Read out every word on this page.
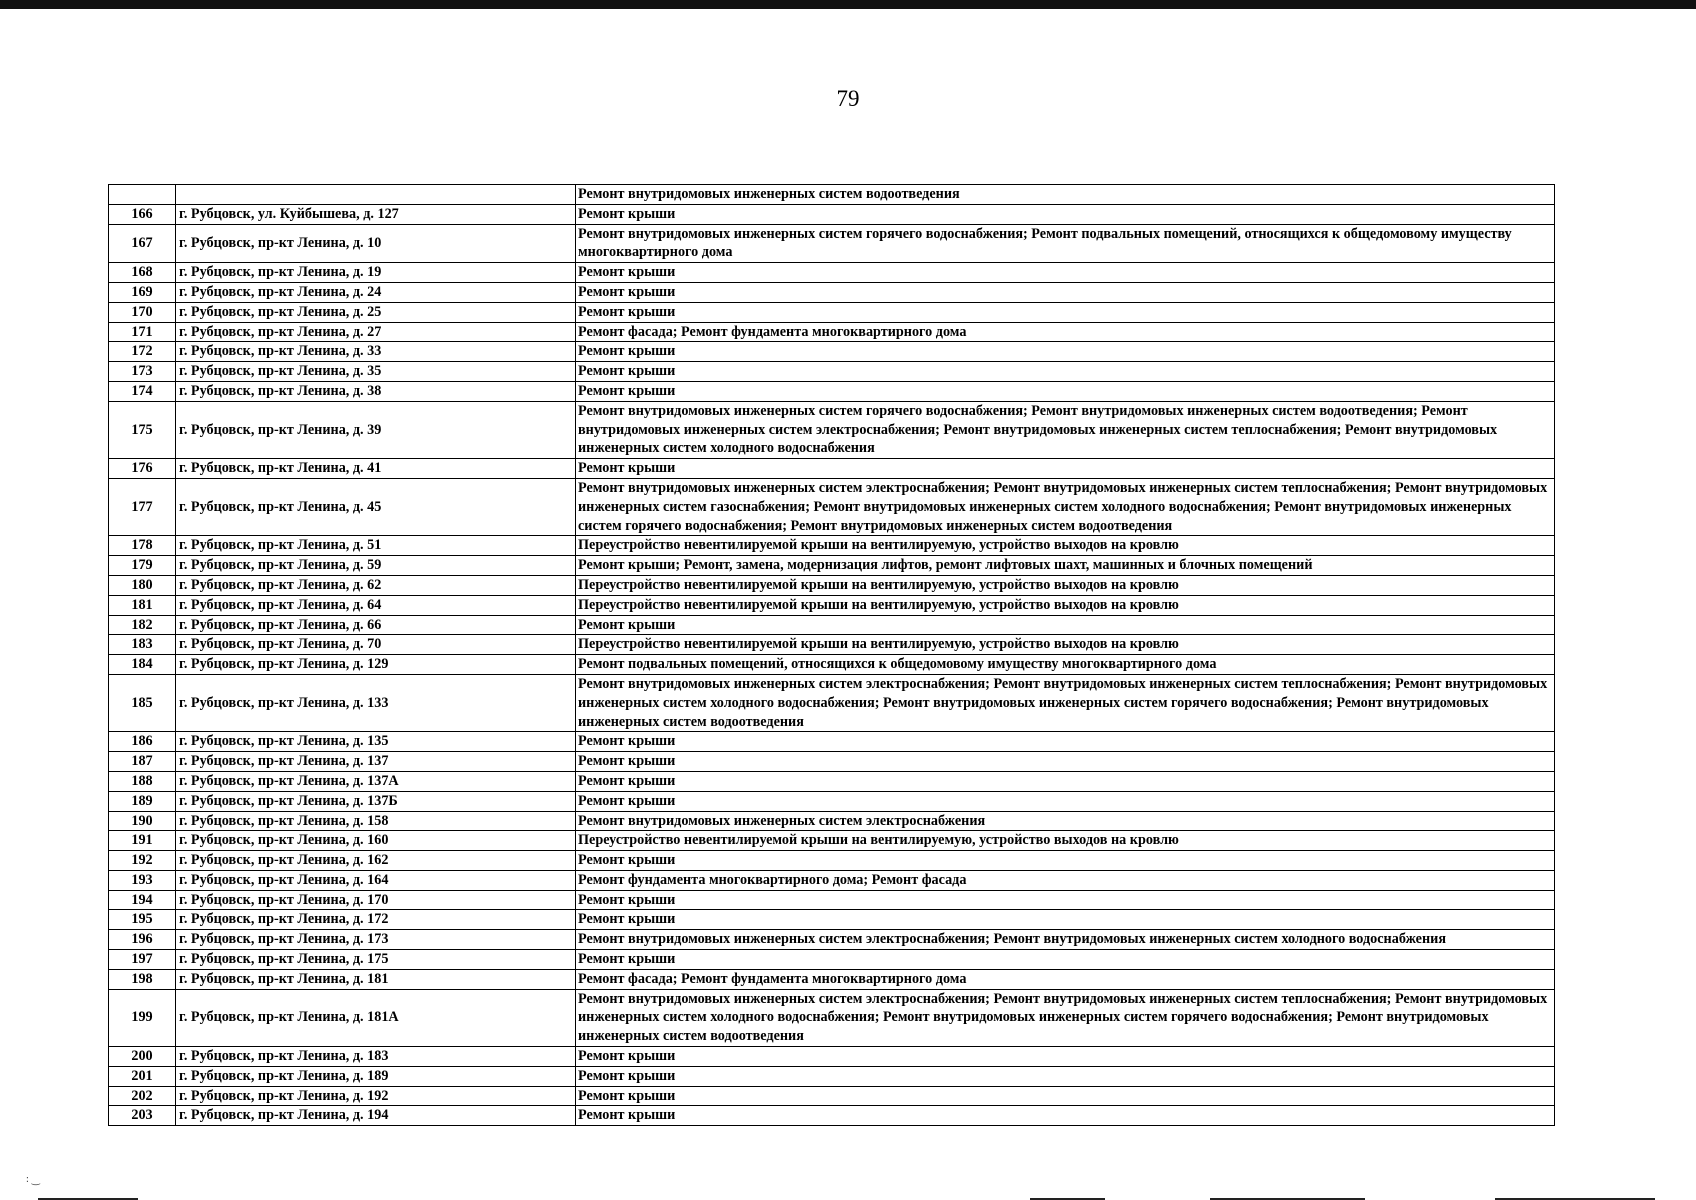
79
		Ремонт внутридомовых инженерных систем водоотведения
166	г. Рубцовск, ул. Куйбышева, д. 127	Ремонт крыши
167	г. Рубцовск, пр-кт Ленина, д. 10	Ремонт внутридомовых инженерных систем горячего водоснабжения; Ремонт подвальных помещений, относящихся к общедомовому имуществу многоквартирного дома
168	г. Рубцовск, пр-кт Ленина, д. 19	Ремонт крыши
169	г. Рубцовск, пр-кт Ленина, д. 24	Ремонт крыши
170	г. Рубцовск, пр-кт Ленина, д. 25	Ремонт крыши
171	г. Рубцовск, пр-кт Ленина, д. 27	Ремонт фасада; Ремонт фундамента многоквартирного дома
172	г. Рубцовск, пр-кт Ленина, д. 33	Ремонт крыши
173	г. Рубцовск, пр-кт Ленина, д. 35	Ремонт крыши
174	г. Рубцовск, пр-кт Ленина, д. 38	Ремонт крыши
175	г. Рубцовск, пр-кт Ленина, д. 39	Ремонт внутридомовых инженерных систем горячего водоснабжения; Ремонт внутридомовых инженерных систем водоотведения; Ремонт внутридомовых инженерных систем электроснабжения; Ремонт внутридомовых инженерных систем теплоснабжения; Ремонт внутридомовых инженерных систем холодного водоснабжения
176	г. Рубцовск, пр-кт Ленина, д. 41	Ремонт крыши
177	г. Рубцовск, пр-кт Ленина, д. 45	Ремонт внутридомовых инженерных систем электроснабжения; Ремонт внутридомовых инженерных систем теплоснабжения; Ремонт внутридомовых инженерных систем газоснабжения; Ремонт внутридомовых инженерных систем холодного водоснабжения; Ремонт внутридомовых инженерных систем горячего водоснабжения; Ремонт внутридомовых инженерных систем водоотведения
178	г. Рубцовск, пр-кт Ленина, д. 51	Переустройство невентилируемой крыши на вентилируемую, устройство выходов на кровлю
179	г. Рубцовск, пр-кт Ленина, д. 59	Ремонт крыши; Ремонт, замена, модернизация лифтов, ремонт лифтовых шахт, машинных и блочных помещений
180	г. Рубцовск, пр-кт Ленина, д. 62	Переустройство невентилируемой крыши на вентилируемую, устройство выходов на кровлю
181	г. Рубцовск, пр-кт Ленина, д. 64	Переустройство невентилируемой крыши на вентилируемую, устройство выходов на кровлю
182	г. Рубцовск, пр-кт Ленина, д. 66	Ремонт крыши
183	г. Рубцовск, пр-кт Ленина, д. 70	Переустройство невентилируемой крыши на вентилируемую, устройство выходов на кровлю
184	г. Рубцовск, пр-кт Ленина, д. 129	Ремонт подвальных помещений, относящихся к общедомовому имуществу многоквартирного дома
185	г. Рубцовск, пр-кт Ленина, д. 133	Ремонт внутридомовых инженерных систем электроснабжения; Ремонт внутридомовых инженерных систем теплоснабжения; Ремонт внутридомовых инженерных систем холодного водоснабжения; Ремонт внутридомовых инженерных систем горячего водоснабжения; Ремонт внутридомовых инженерных систем водоотведения
186	г. Рубцовск, пр-кт Ленина, д. 135	Ремонт крыши
187	г. Рубцовск, пр-кт Ленина, д. 137	Ремонт крыши
188	г. Рубцовск, пр-кт Ленина, д. 137А	Ремонт крыши
189	г. Рубцовск, пр-кт Ленина, д. 137Б	Ремонт крыши
190	г. Рубцовск, пр-кт Ленина, д. 158	Ремонт внутридомовых инженерных систем электроснабжения
191	г. Рубцовск, пр-кт Ленина, д. 160	Переустройство невентилируемой крыши на вентилируемую, устройство выходов на кровлю
192	г. Рубцовск, пр-кт Ленина, д. 162	Ремонт крыши
193	г. Рубцовск, пр-кт Ленина, д. 164	Ремонт фундамента многоквартирного дома; Ремонт фасада
194	г. Рубцовск, пр-кт Ленина, д. 170	Ремонт крыши
195	г. Рубцовск, пр-кт Ленина, д. 172	Ремонт крыши
196	г. Рубцовск, пр-кт Ленина, д. 173	Ремонт внутридомовых инженерных систем электроснабжения; Ремонт внутридомовых инженерных систем холодного водоснабжения
197	г. Рубцовск, пр-кт Ленина, д. 175	Ремонт крыши
198	г. Рубцовск, пр-кт Ленина, д. 181	Ремонт фасада; Ремонт фундамента многоквартирного дома
199	г. Рубцовск, пр-кт Ленина, д. 181А	Ремонт внутридомовых инженерных систем электроснабжения; Ремонт внутридомовых инженерных систем теплоснабжения; Ремонт внутридомовых инженерных систем холодного водоснабжения; Ремонт внутридомовых инженерных систем горячего водоснабжения; Ремонт внутридомовых инженерных систем водоотведения
200	г. Рубцовск, пр-кт Ленина, д. 183	Ремонт крыши
201	г. Рубцовск, пр-кт Ленина, д. 189	Ремонт крыши
202	г. Рубцовск, пр-кт Ленина, д. 192	Ремонт крыши
203	г. Рубцовск, пр-кт Ленина, д. 194	Ремонт крыши
∶ ‿
